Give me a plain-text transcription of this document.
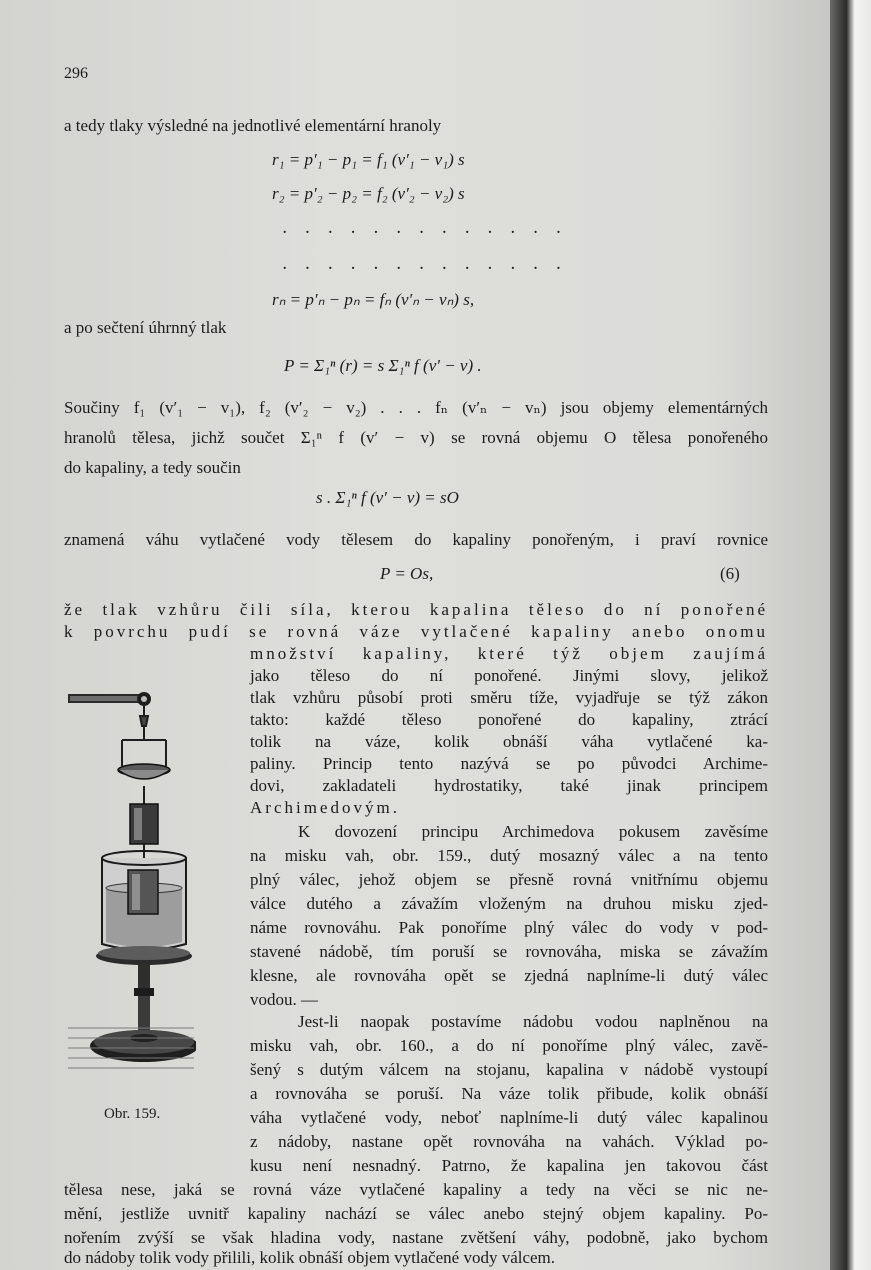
296
a tedy tlaky výsledné na jednotlivé elementární hranoly
r₁ = p′₁ − p₁ = f₁ (v′₁ − v₁) s
r₂ = p′₂ − p₂ = f₂ (v′₂ − v₂) s
. . . . . . . . . . . . .
. . . . . . . . . . . . .
rₙ = p′ₙ − pₙ = fₙ (v′ₙ − vₙ) s,
a po sečtení úhrnný tlak
P = Σ₁ⁿ (r) = s Σ₁ⁿ f (v′ − v) .
Součiny f₁ (v′₁ − v₁), f₂ (v′₂ − v₂) . . . fₙ (v′ₙ − vₙ) jsou objemy elementárných
hranolů tělesa, jichž součet Σ₁ⁿ f (v′ − v) se rovná objemu O tělesa ponořeného
do kapaliny, a tedy součin
s . Σ₁ⁿ f (v′ − v) = sO
znamená váhu vytlačené vody tělesem do kapaliny ponořeným, i praví rovnice
P = Os,	(6)
že tlak vzhůru čili síla, kterou kapalina těleso do ní ponořené
k povrchu pudí se rovná váze vytlačené kapaliny anebo onomu
množství kapaliny, které týž objem zaujímá
jako těleso do ní ponořené. Jinými slovy, jelikož
tlak vzhůru působí proti směru tíže, vyjadřuje se týž zákon
takto: každé těleso ponořené do kapaliny, ztrácí
tolik na váze, kolik obnáší váha vytlačené ka-
paliny. Princip tento nazývá se po původci Archime-
dovi, zakladateli hydrostatiky, také jinak principem
Archimedovým.
K dovození principu Archimedova pokusem zavěsíme
na misku vah, obr. 159., dutý mosazný válec a na tento
plný válec, jehož objem se přesně rovná vnitřnímu objemu
válce dutého a závažím vloženým na druhou misku zjed-
náme rovnováhu. Pak ponoříme plný válec do vody v pod-
stavené nádobě, tím poruší se rovnováha, miska se závažím
klesne, ale rovnováha opět se zjedná naplníme-li dutý válec
vodou. —
Jest-li naopak postavíme nádobu vodou naplněnou na
misku vah, obr. 160., a do ní ponoříme plný válec, zavě-
šený s dutým válcem na stojanu, kapalina v nádobě vystoupí
a rovnováha se poruší. Na váze tolik přibude, kolik obnáší
váha vytlačené vody, neboť naplníme-li dutý válec kapalinou
z nádoby, nastane opět rovnováha na vahách. Výklad po-
kusu není nesnadný. Patrno, že kapalina jen takovou část
tělesa nese, jaká se rovná váze vytlačené kapaliny a tedy na věci se nic ne-
mění, jestliže uvnitř kapaliny nachází se válec anebo stejný objem kapaliny. Po-
nořením zvýší se však hladina vody, nastane zvětšení váhy, podobně, jako bychom
do nádoby tolik vody přilili, kolik obnáší objem vytlačené vody válcem.
Obr. 159.
